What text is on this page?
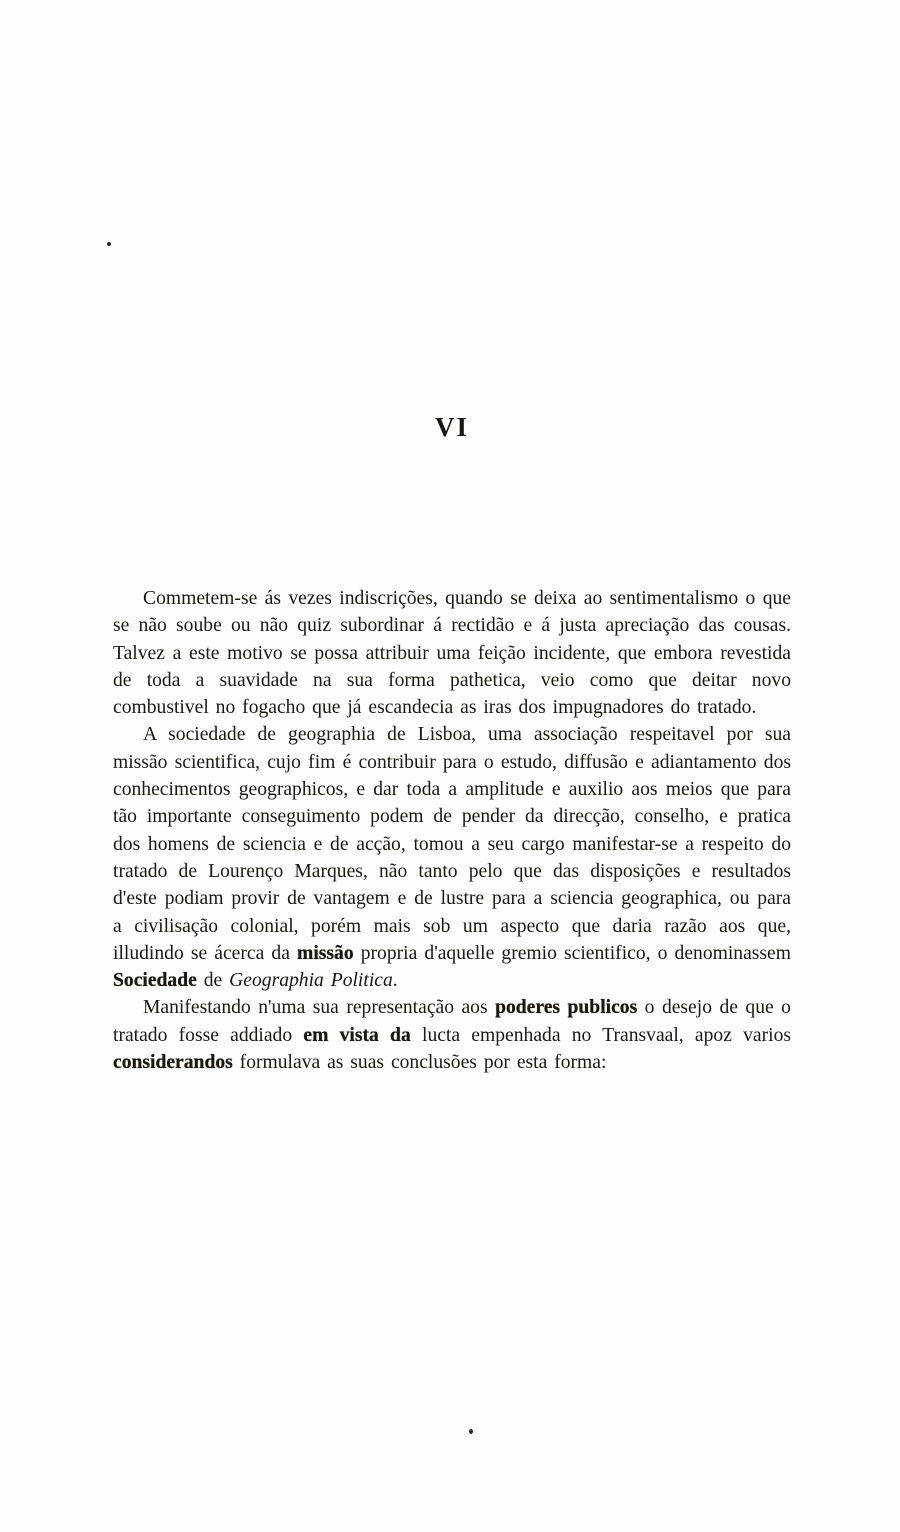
VI

Commetem-se ás vezes indiscrições, quando se deixa ao sentimentalismo o que se não soube ou não quiz subordinar á rectidão e á justa apreciação das cousas. Talvez a este motivo se possa attribuir uma feição incidente, que embora revestida de toda a suavidade na sua forma pathetica, veio como que deitar novo combustivel no fogacho que já escandecia as iras dos impugnadores do tratado.

A sociedade de geographia de Lisboa, uma associação respeitavel por sua missão scientifica, cujo fim é contribuir para o estudo, diffusão e adiantamento dos conhecimentos geographicos, e dar toda a amplitude e auxilio aos meios que para tão importante conseguimento podem de pender da direcção, conselho, e pratica dos homens de sciencia e de acção, tomou a seu cargo manifestar-se a respeito do tratado de Lourenço Marques, não tanto pelo que das disposições e resultados d'este podiam provir de vantagem e de lustre para a sciencia geographica, ou para a civilisação colonial, porém mais sob um aspecto que daria razão aos que, illudindo se ácerca da missão propria d'aquelle gremio scientifico, o denominassem Sociedade de Geographia Politica.

Manifestando n'uma sua representação aos poderes publicos o desejo de que o tratado fosse addiado em vista da lucta empenhada no Transvaal, apoz varios considerandos formulava as suas conclusões por esta forma:
